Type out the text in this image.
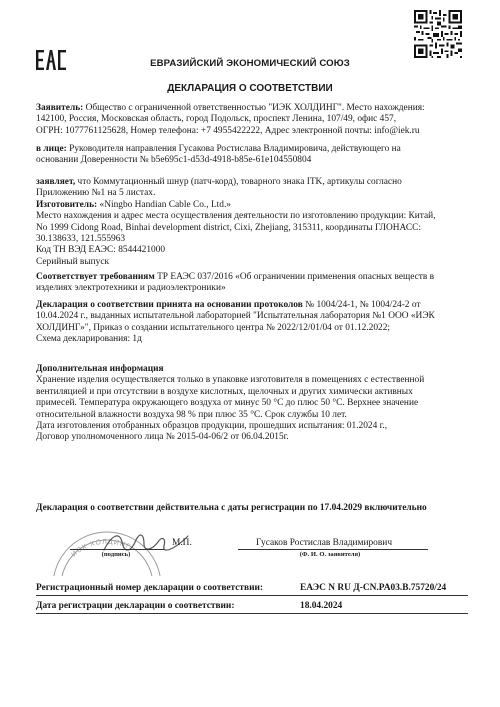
ЕВРАЗИЙСКИЙ ЭКОНОМИЧЕСКИЙ СОЮЗ
ДЕКЛАРАЦИЯ О СООТВЕТСТВИИ
Заявитель: Общество с ограниченной ответственностью "ИЭК ХОЛДИНГ". Место нахождения:
142100, Россия, Московская область, город Подольск, проспект Ленина, 107/49, офис 457,
ОГРН: 1077761125628, Номер телефона: +7 4955422222, Адрес электронной почты: info@iek.ru
в лице: Руководителя направления Гусакова Ростислава Владимировича, действующего на
основании Доверенности № b5e695c1-d53d-4918-b85e-61e104550804
заявляет, что Коммутационный шнур (патч-корд), товарного знака ITK, артикулы согласно
Приложению №1 на 5 листах.
Изготовитель: «Ningbo Handian Cable Co., Ltd.»
Место нахождения и адрес места осуществления деятельности по изготовлению продукции: Китай,
No 1999 Cidong Road, Binhai development district, Cixi, Zhejiang, 315311, координаты ГЛОНАСС:
30.138633, 121.555963
Код ТН ВЭД ЕАЭС: 8544421000
Серийный выпуск
Соответствует требованиям ТР ЕАЭС 037/2016 «Об ограничении применения опасных веществ в
изделиях электротехники и радиоэлектроники»
Декларация о соответствии принята на основании протоколов № 1004/24-1, № 1004/24-2 от
10.04.2024 г., выданных испытательной лабораторией "Испытательная лаборатория №1 ООО «ИЭК
ХОЛДИНГ»", Приказ о создании испытательного центра № 2022/12/01/04 от 01.12.2022;
Схема декларирования: 1д
Дополнительная информация
Хранение изделия осуществляется только в упаковке изготовителя в помещениях с естественной
вентиляцией и при отсутствии в воздухе кислотных, щелочных и других химически активных
примесей. Температура окружающего воздуха от минус 50 °C до плюс 50 °C. Верхнее значение
относительной влажности воздуха 98 % при плюс 35 °C. Срок службы 10 лет.
Дата изготовления отобранных образцов продукции, прошедших испытания: 01.2024 г.,
Договор уполномоченного лица № 2015-04-06/2 от 06.04.2015г.
Декларация о соответствии действительна с даты регистрации по 17.04.2029 включительно
ИЭК ХОЛДИНГ	М.П.	Гусаков Ростислав Владимирович
(подпись)	(Ф. И. О. заявителя)
Регистрационный номер декларации о соответствии:	ЕАЭС N RU Д-CN.PA03.B.75720/24
Дата регистрации декларации о соответствии:	18.04.2024
